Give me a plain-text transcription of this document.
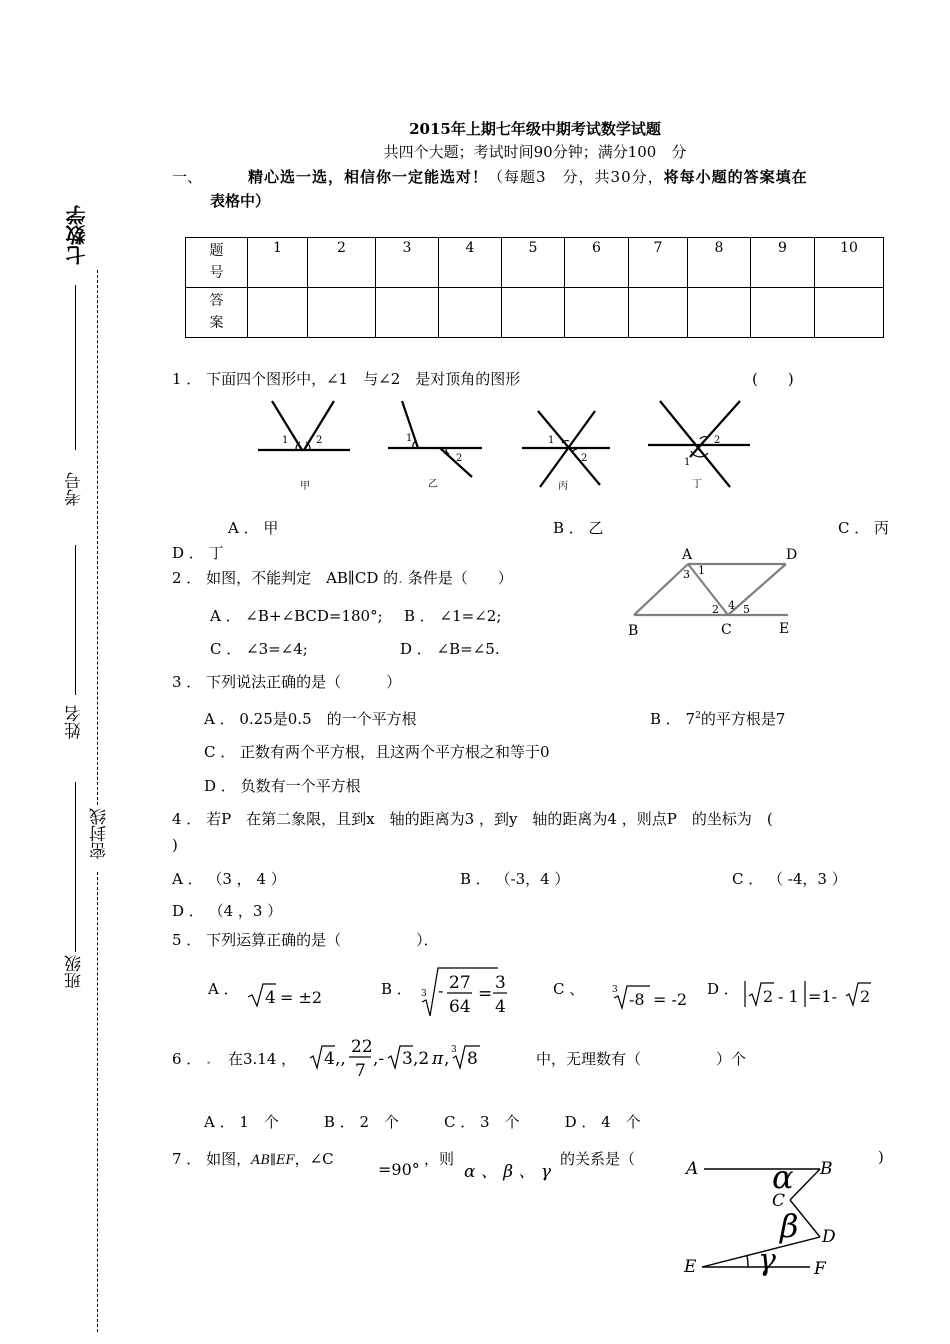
七数学
考号
姓名
班级
密封线
2015年上期七年级中期考试数学试题
共四个大题；考试时间90分钟；满分100　分
一、	精心选一选，相信你一定能选对！（每题3　分，共30分，将每小题的答案填在
表格中）
题
号	1	2	3	4	5	6	7	8	9	10
答
案										
1 ． 下面四个图形中，∠1　与∠2　是对顶角的图形	(　　)
1	2	1
2
1
2	1
2
甲	乙	丙	丁
A ． 甲	B ． 乙	C ． 丙
D ． 丁
2 ． 如图，不能判定　AB∥CD 的. 条件是（　　）
A ． ∠B+∠BCD=180°; B ． ∠1=∠2;
C ． ∠3=∠4;	D ． ∠B=∠5.
A	D
B	C	E
1
3
2 4 5
3 ． 下列说法正确的是（　　　）
A ． 0.25是0.5　的一个平方根	B ． $7^2$的平方根是7
C ． 正数有两个平方根，且这两个平方根之和等于0
D ． 负数有一个平方根
4 ． 若P　在第二象限，且到x　轴的距离为3 ，到y　轴的距离为4 ，则点P　的坐标为　(
)
A ． （3 ， 4 ）	B ． （-3，4 ）	C ． （ -4，3 ）
D ． （4 ，3 ）
5 ． 下列运算正确的是（　　　　　）．
A ． 4 = ±2	B ． 3 - 27
64
=
3
4
C 、	3 -8 = -2
D ． 2 - 1 =1- 2
6 ． . 在3.14 ， 4 ,,
22
7
,- 3 ,2 π , 3 8	中，无理数有（　　　　　）个
A ． 1　个　　　B ． 2　个　　　C ． 3　个　　　D ． 4　个
7 ． 如图，AB∥EF，∠C
=90°
，则
α 、 β 、 γ
的关系是（	)
A	B
C
D
E	F
α
β
γ
